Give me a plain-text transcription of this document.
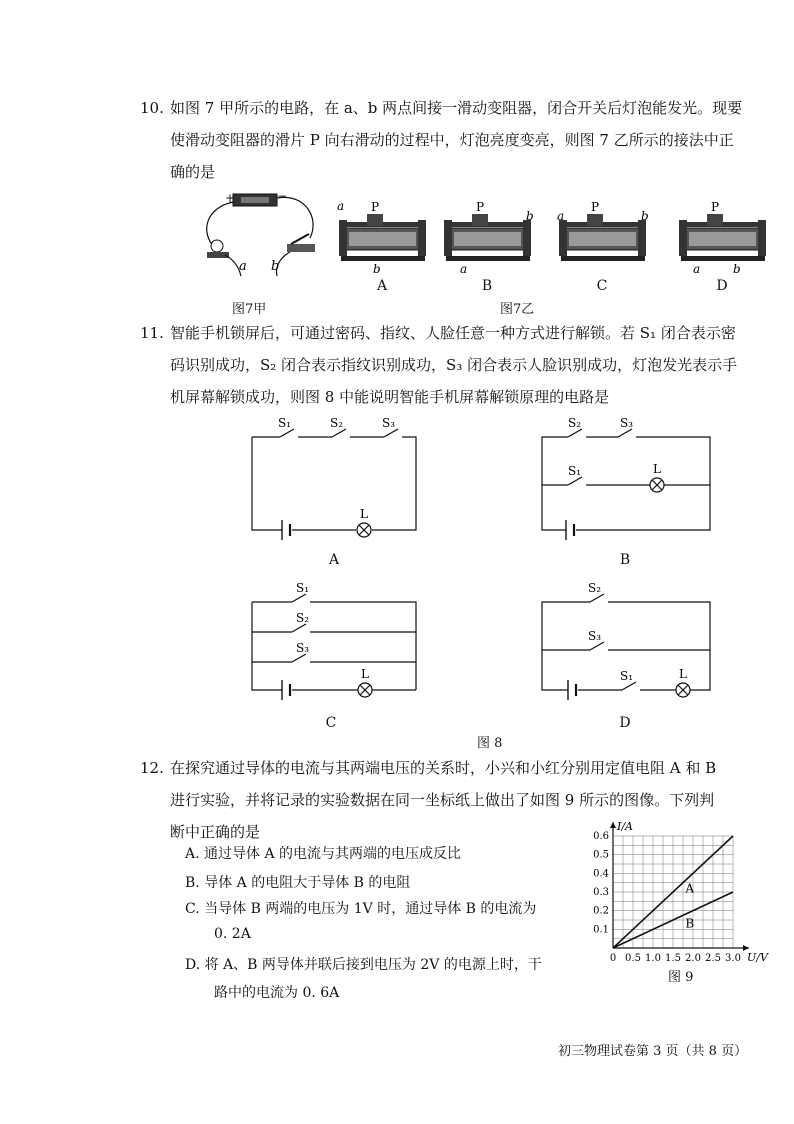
10. 如图 7 甲所示的电路，在 a、b 两点间接一滑动变阻器，闭合开关后灯泡能发光。现要
使滑动变阻器的滑片 P 向右滑动的过程中，灯泡亮度变亮，则图 7 乙所示的接法中正
确的是
+	−
a b
图7甲
P
a
b
P
b
a
P
a	b
P
a	b
A	B	C	D
图7乙
11. 智能手机锁屏后，可通过密码、指纹、人脸任意一种方式进行解锁。若 S₁ 闭合表示密
码识别成功，S₂ 闭合表示指纹识别成功，S₃ 闭合表示人脸识别成功，灯泡发光表示手
机屏幕解锁成功，则图 8 中能说明智能手机屏幕解锁原理的电路是
S₁	S₂	S₃
L
A
S₂	S₃
S₁	L
B
S₁
S₂
S₃
L
C
S₂
S₃
S₁	L
D
图 8
12. 在探究通过导体的电流与其两端电压的关系时，小兴和小红分别用定值电阻 A 和 B
进行实验，并将记录的实验数据在同一坐标纸上做出了如图 9 所示的图像。下列判
断中正确的是
A. 通过导体 A 的电流与其两端的电压成反比
B. 导体 A 的电阻大于导体 B 的电阻
C. 当导体 B 两端的电压为 1V 时，通过导体 B 的电流为
0. 2A
D. 将 A、B 两导体并联后接到电压为 2V 的电源上时，干
路中的电流为 0. 6A
0 0.5 1.0 1.5 2.0 2.5 3.0
0.1
0.2
0.3
0.4
0.5
0.6
I/A
U/V
A
B
图 9
初三物理试卷第 3 页（共 8 页）
